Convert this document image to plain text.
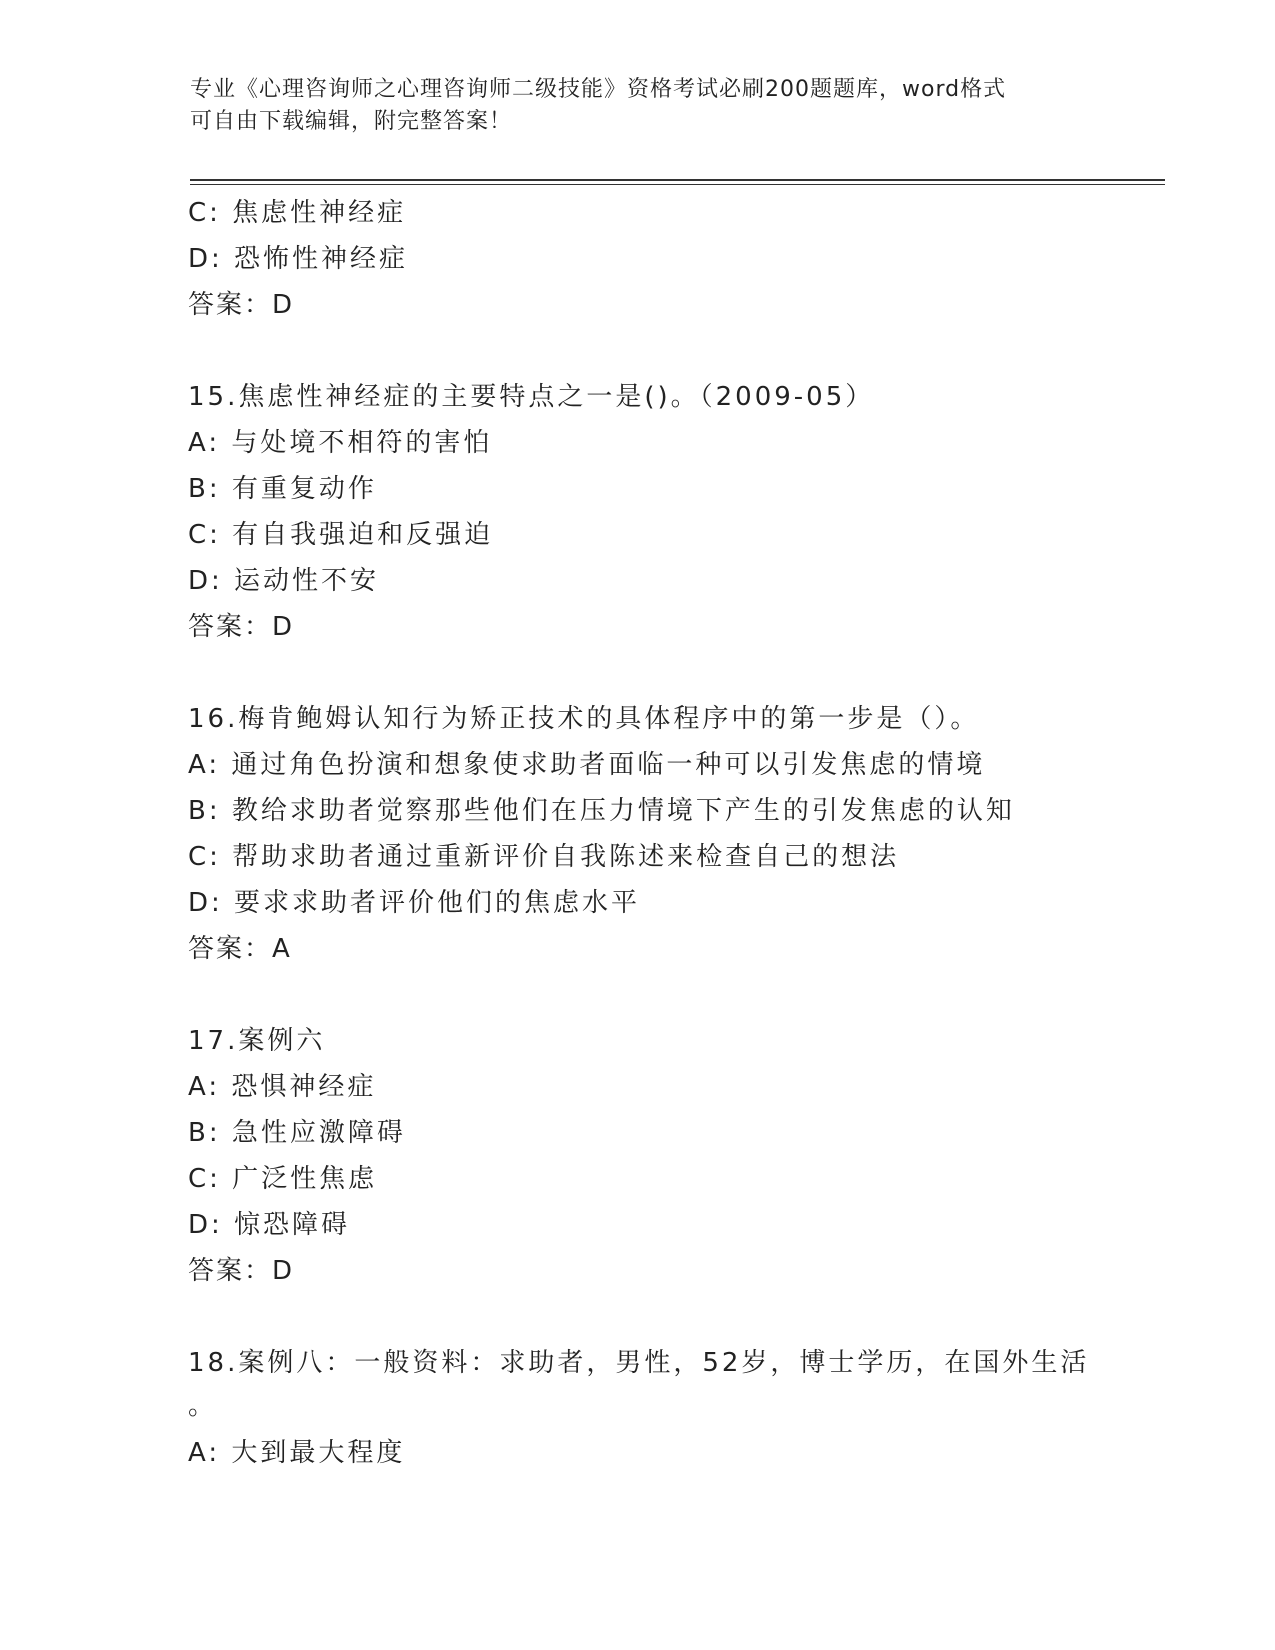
专业《心理咨询师之心理咨询师二级技能》资格考试必刷200题题库，word格式
可自由下载编辑，附完整答案！
C: 焦虑性神经症
D: 恐怖性神经症
答案：D
15.焦虑性神经症的主要特点之一是()。（2009-05）
A: 与处境不相符的害怕
B: 有重复动作
C: 有自我强迫和反强迫
D: 运动性不安
答案：D
16.梅肯鲍姆认知行为矫正技术的具体程序中的第一步是（）。
A: 通过角色扮演和想象使求助者面临一种可以引发焦虑的情境
B: 教给求助者觉察那些他们在压力情境下产生的引发焦虑的认知
C: 帮助求助者通过重新评价自我陈述来检查自己的想法
D: 要求求助者评价他们的焦虑水平
答案：A
17.案例六
A: 恐惧神经症
B: 急性应激障碍
C: 广泛性焦虑
D: 惊恐障碍
答案：D
18.案例八：一般资料：求助者，男性，52岁，博士学历，在国外生活
。
A: 大到最大程度
